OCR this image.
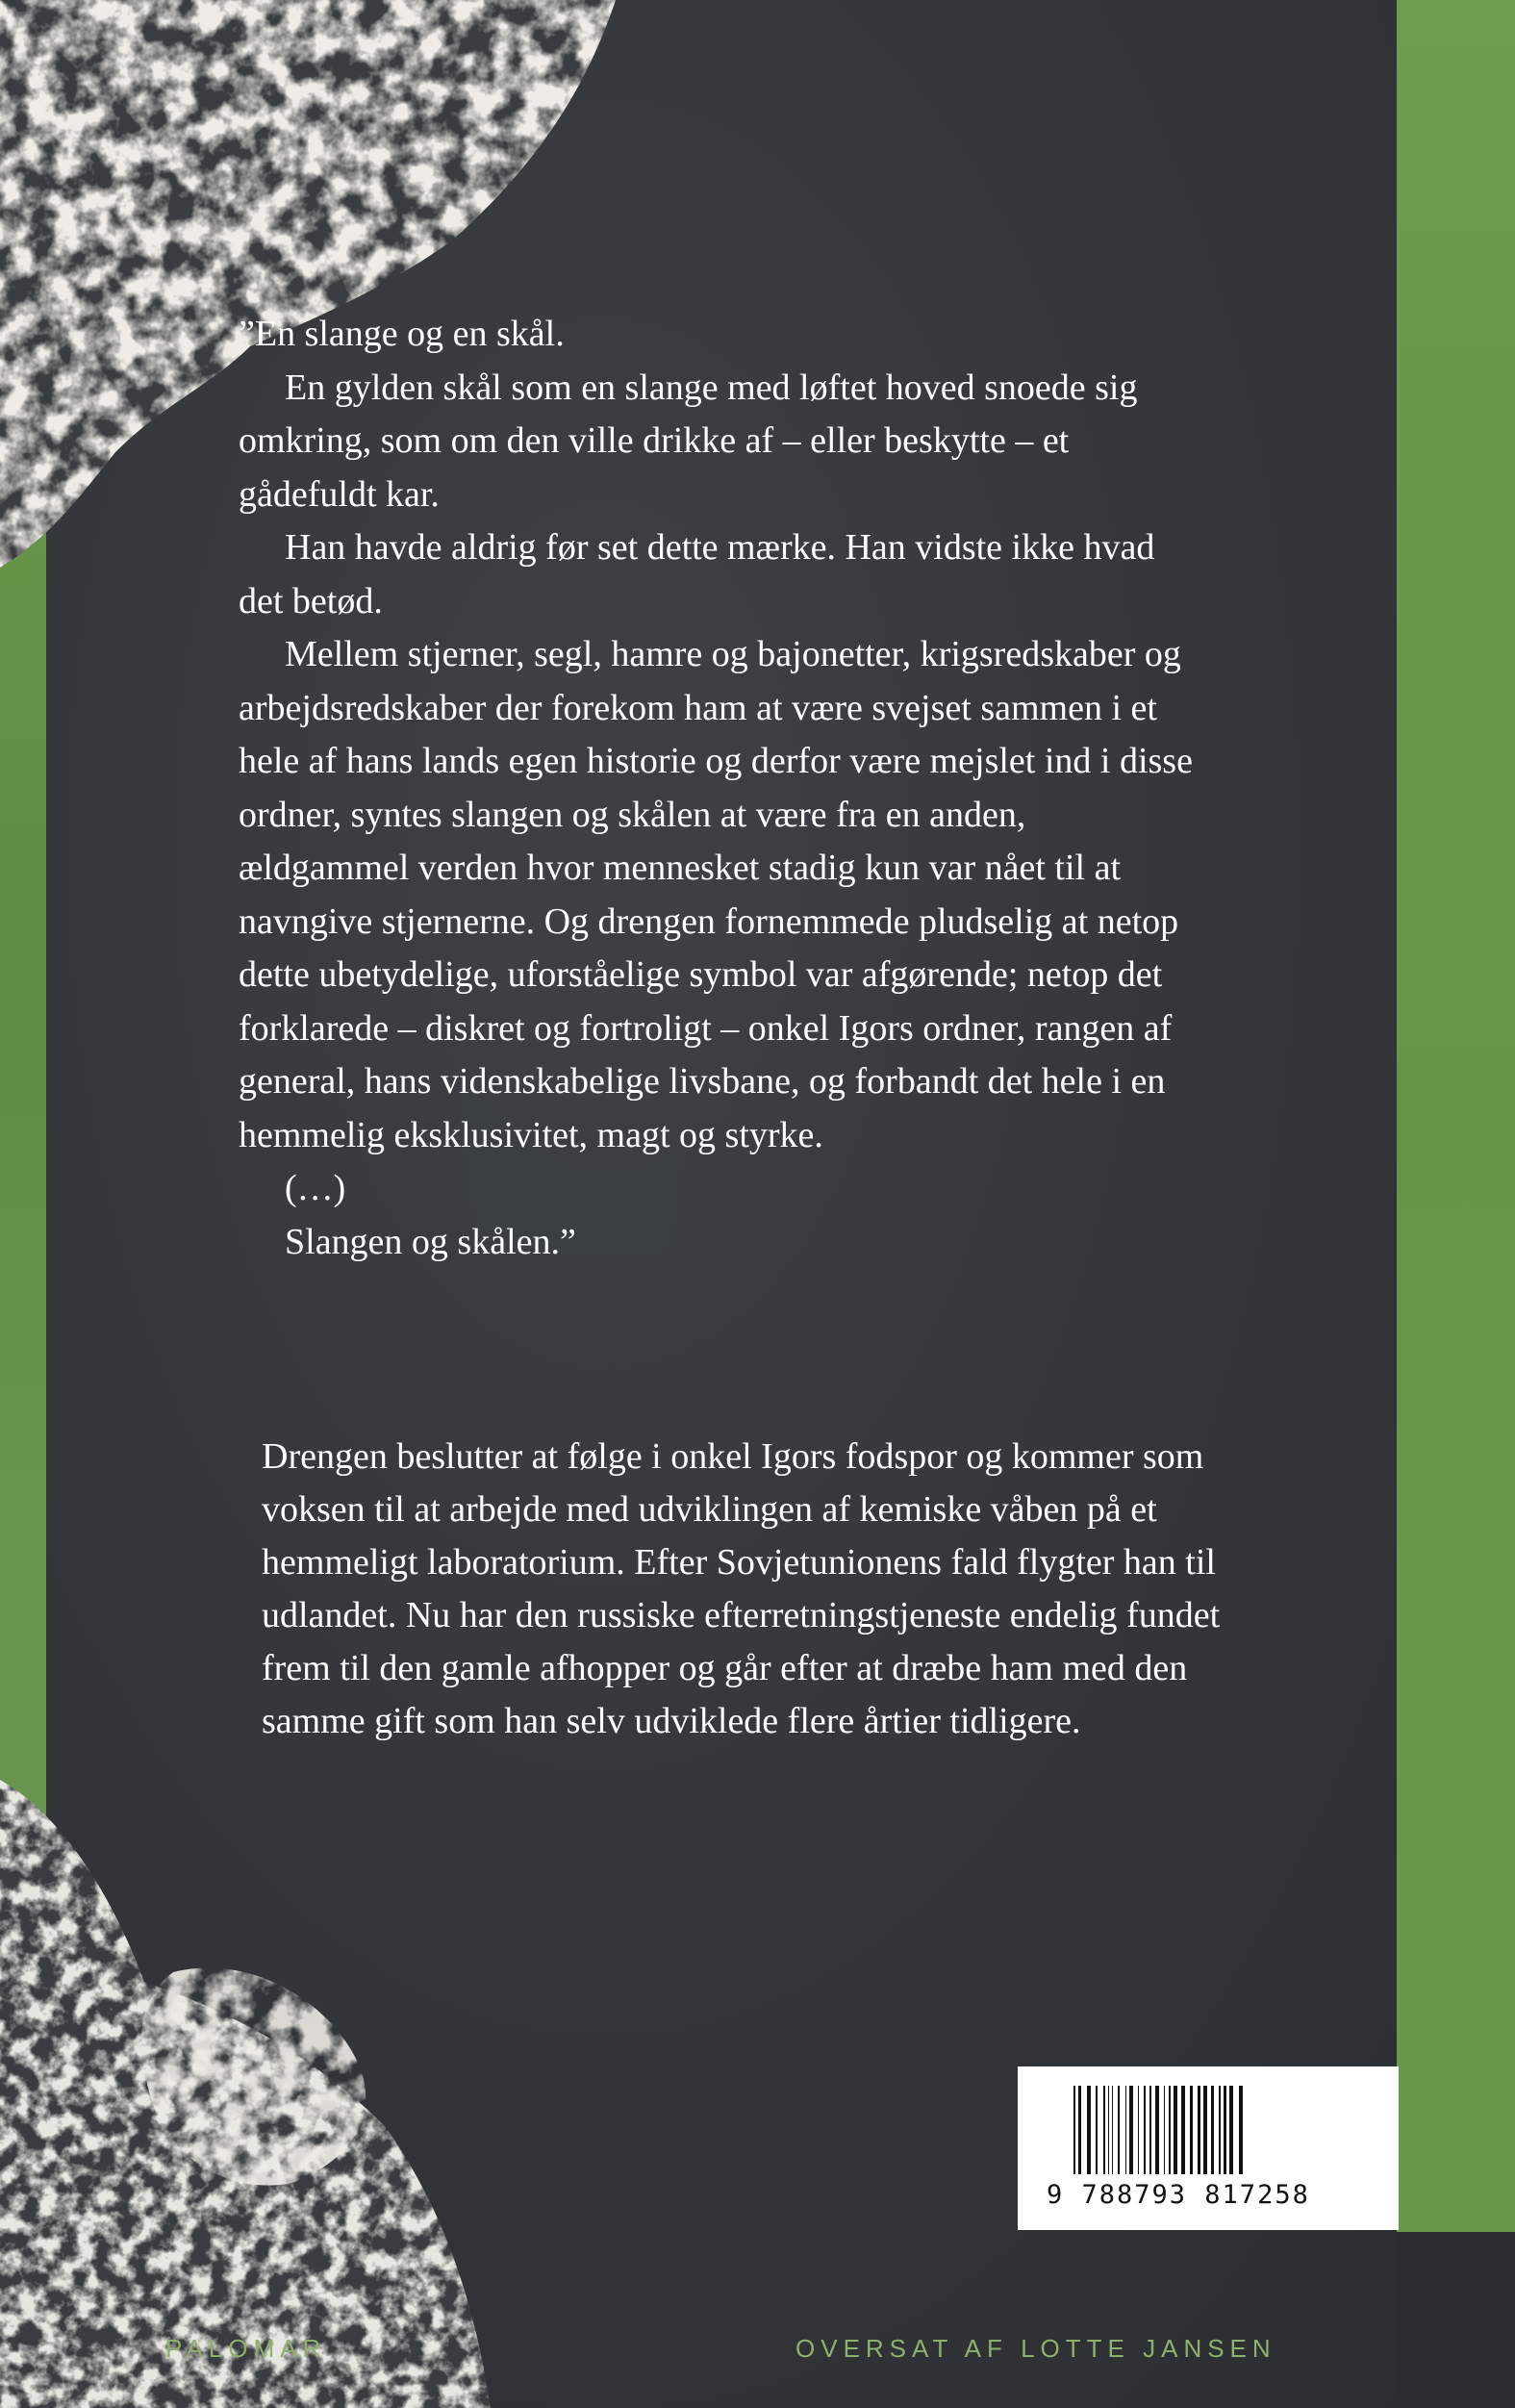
”En slange og en skål.

En gylden skål som en slange med løftet hoved snoede sig omkring, som om den ville drikke af – eller beskytte – et gådefuldt kar.

Han havde aldrig før set dette mærke. Han vidste ikke hvad det betød.

Mellem stjerner, segl, hamre og bajonetter, krigsredskaber og arbejdsredskaber der forekom ham at være svejset sammen i et hele af hans lands egen historie og derfor være mejslet ind i disse ordner, syntes slangen og skålen at være fra en anden, ældgammel verden hvor mennesket stadig kun var nået til at navngive stjernerne. Og drengen fornemmede pludselig at netop dette ubetydelige, uforståelige symbol var afgørende; netop det forklarede – diskret og fortroligt – onkel Igors ordner, rangen af general, hans videnskabelige livsbane, og forbandt det hele i en hemmelig eksklusivitet, magt og styrke.

(…)

Slangen og skålen.”

Drengen beslutter at følge i onkel Igors fodspor og kommer som voksen til at arbejde med udviklingen af kemiske våben på et hemmeligt laboratorium. Efter Sovjetunionens fald flygter han til udlandet. Nu har den russiske efterretningstjeneste endelig fundet frem til den gamle afhopper og går efter at dræbe ham med den samme gift som han selv udviklede flere årtier tidligere.

9 788793 817258
PALOMAR	OVERSAT AF LOTTE JANSEN
